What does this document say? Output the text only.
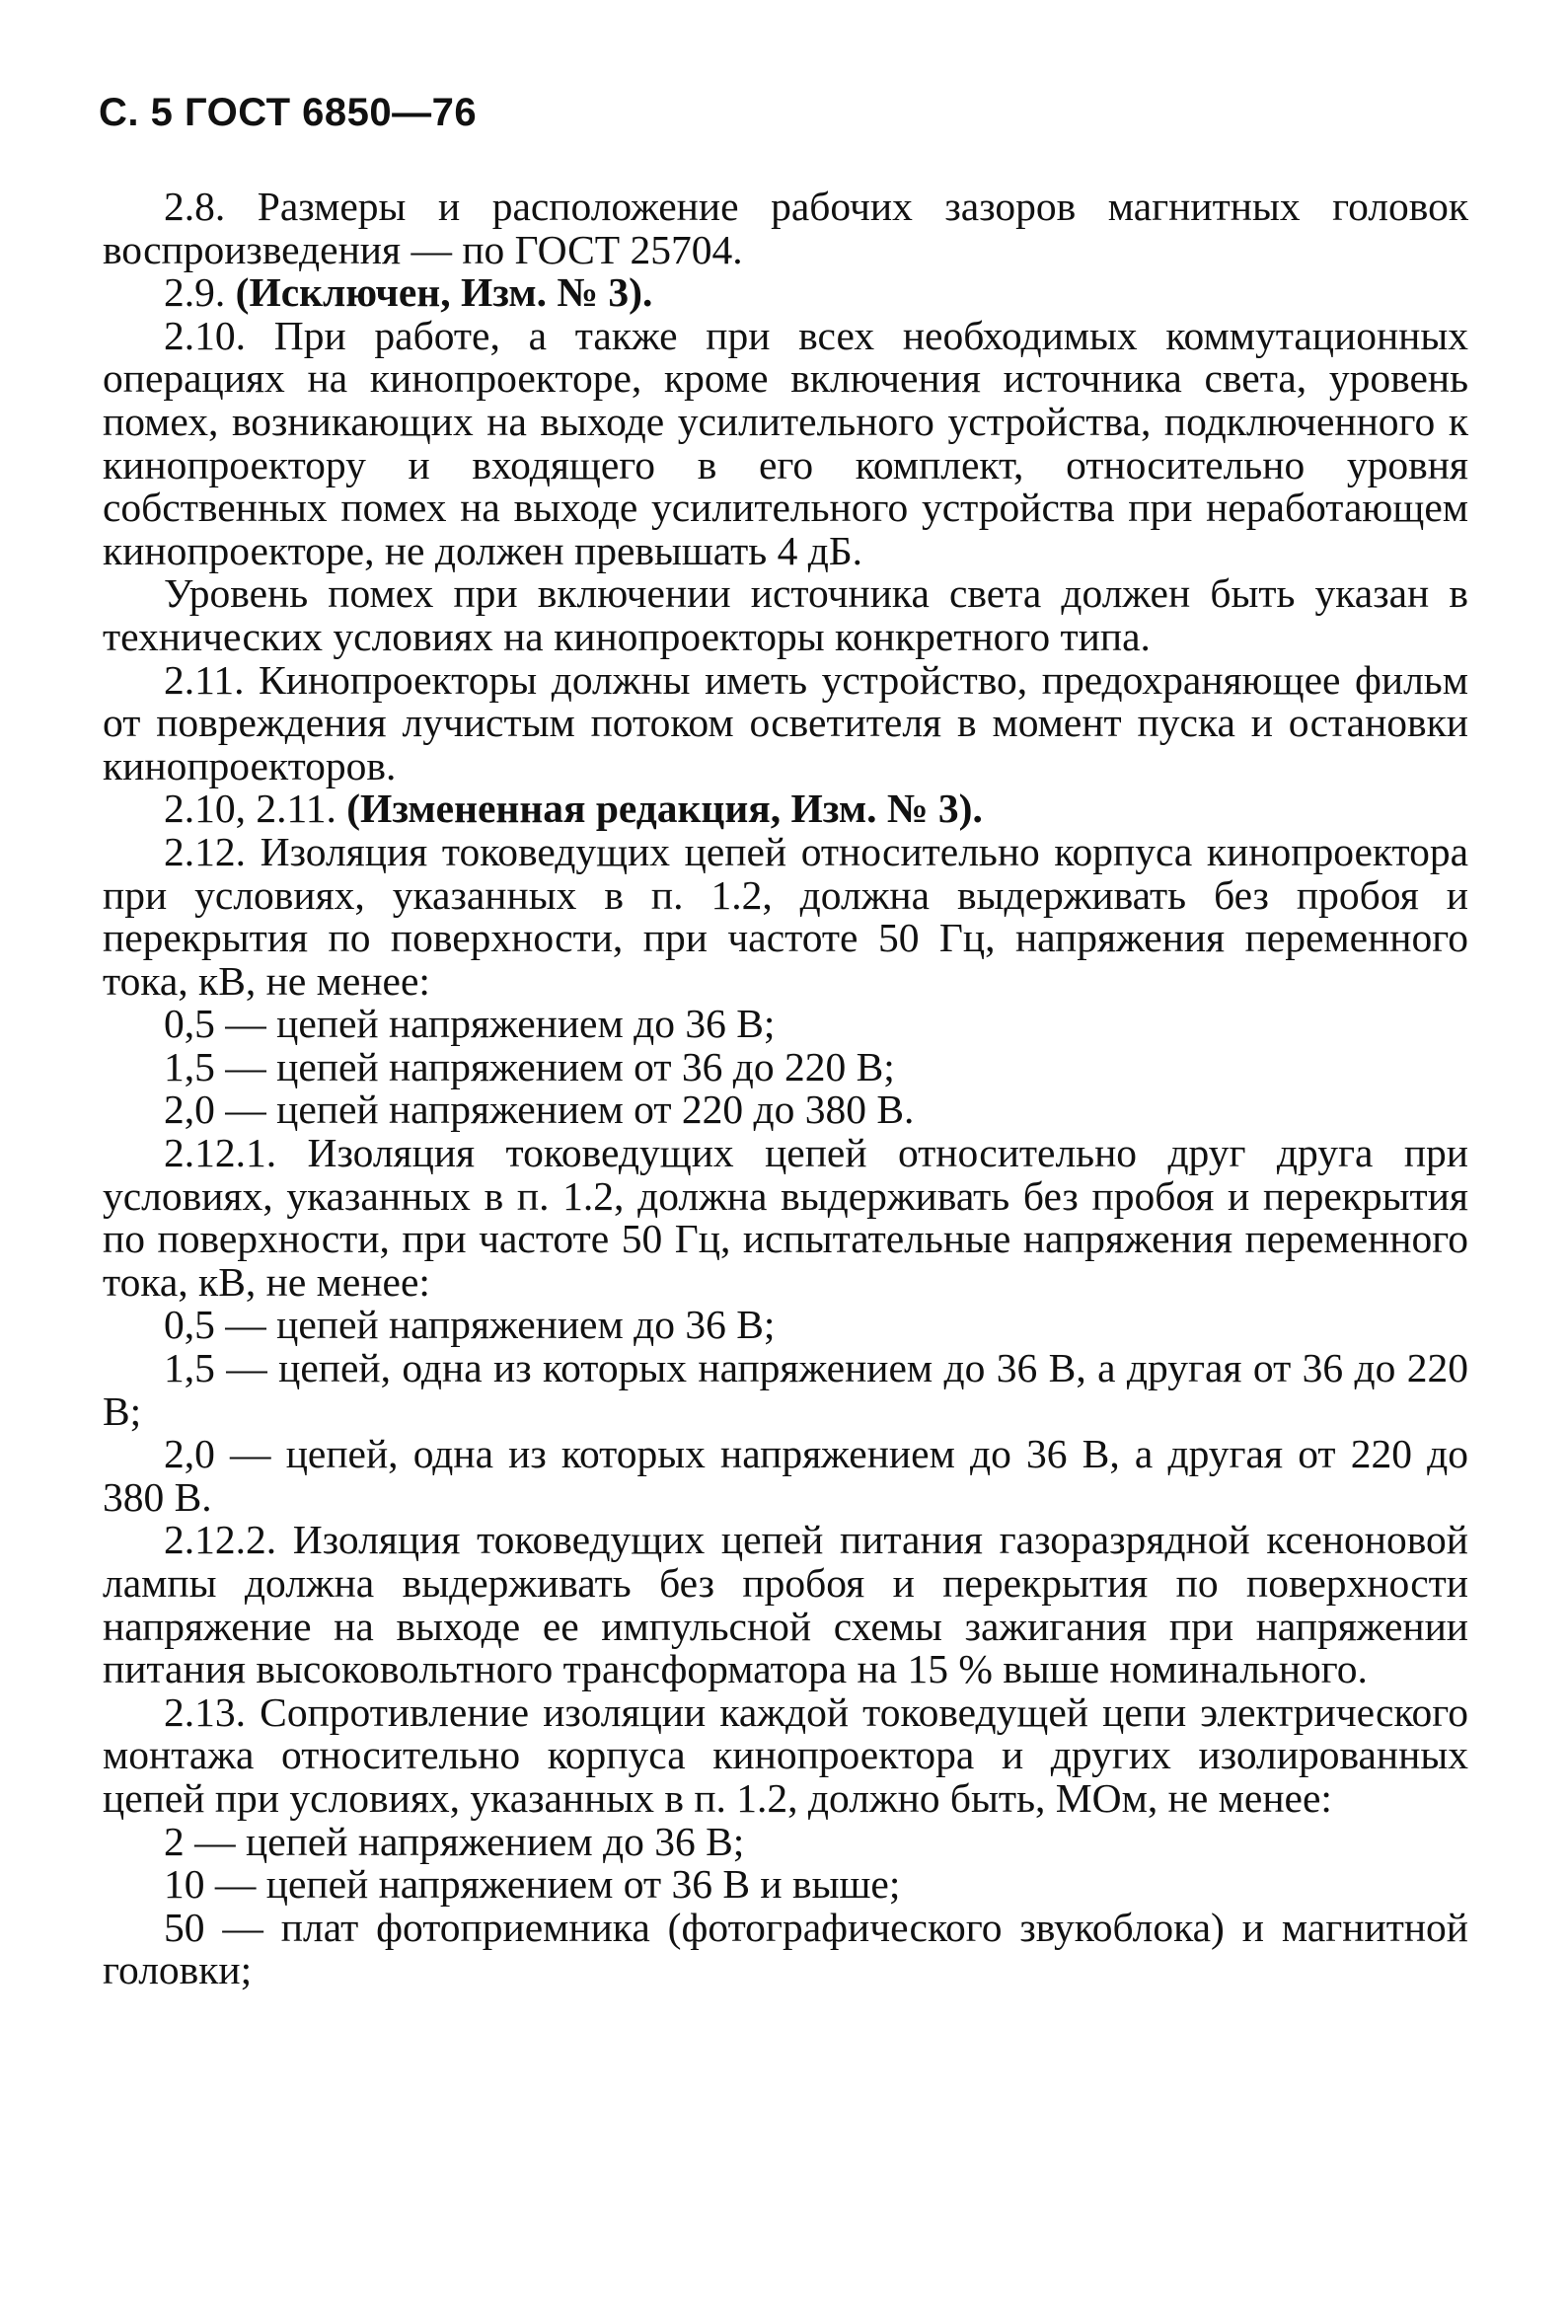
С. 5 ГОСТ 6850—76

2.8. Размеры и расположение рабочих зазоров магнитных головок воспроизведения — по ГОСТ 25704.

2.9. (Исключен, Изм. № 3).

2.10. При работе, а также при всех необходимых коммутационных операциях на кинопроекторе, кроме включения источника света, уровень помех, возникающих на выходе усилительного устройства, подключенного к кинопроектору и входящего в его комплект, относительно уровня собственных помех на выходе усилительного устройства при неработающем кинопроекторе, не должен превышать 4 дБ.

Уровень помех при включении источника света должен быть указан в технических условиях на кинопроекторы конкретного типа.

2.11. Кинопроекторы должны иметь устройство, предохраняющее фильм от повреждения лучистым потоком осветителя в момент пуска и остановки кинопроекторов.

2.10, 2.11. (Измененная редакция, Изм. № 3).

2.12. Изоляция токоведущих цепей относительно корпуса кинопроектора при условиях, указанных в п. 1.2, должна выдерживать без пробоя и перекрытия по поверхности, при частоте 50 Гц, напряжения переменного тока, кВ, не менее:

0,5 — цепей напряжением до 36 В;

1,5 — цепей напряжением от 36 до 220 В;

2,0 — цепей напряжением от 220 до 380 В.

2.12.1. Изоляция токоведущих цепей относительно друг друга при условиях, указанных в п. 1.2, должна выдерживать без пробоя и перекрытия по поверхности, при частоте 50 Гц, испытательные напряжения переменного тока, кВ, не менее:

0,5 — цепей напряжением до 36 В;

1,5 — цепей, одна из которых напряжением до 36 В, а другая от 36 до 220 В;

2,0 — цепей, одна из которых напряжением до 36 В, а другая от 220 до 380 В.

2.12.2. Изоляция токоведущих цепей питания газоразрядной ксеноновой лампы должна выдерживать без пробоя и перекрытия по поверхности напряжение на выходе ее импульсной схемы зажигания при напряжении питания высоковольтного трансформатора на 15 % выше номинального.

2.13. Сопротивление изоляции каждой токоведущей цепи электрического монтажа относительно корпуса кинопроектора и других изолированных цепей при условиях, указанных в п. 1.2, должно быть, МОм, не менее:

2 — цепей напряжением до 36 В;

10 — цепей напряжением от 36 В и выше;

50 — плат фотоприемника (фотографического звукоблока) и магнитной головки;
